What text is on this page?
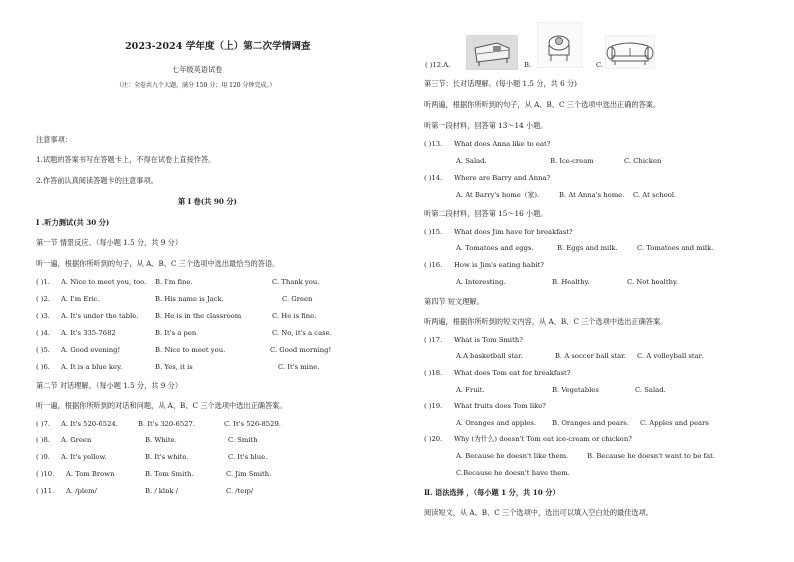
2023-2024 学年度（上）第二次学情调查
七年级英语试卷
（注：全卷共九个大题，满分 150 分；用 120 分钟完成。）
注意事项：
1.试题的答案书写在答题卡上，不得在试卷上直接作答。
2.作答前认真阅读答题卡的注意事项。
第 I 卷(共 90 分)
I .听力测试(共 30 分)
第一节 情景反应。（每小题 1.5 分，共 9 分）
听一遍，根据你所听到的句子，从 A、B、C 三个选项中选出最恰当的答语。
( )1. A. Nice to meet you, too. B. I'm fine.	C. Thank you.
( )2. A. I'm Eric.	B. His name is Jack.	C. Green
( )3. A. It's under the table. B. He is in the classroom	C. He is fine.
( )4. A. It's 335-7682	B. It's a pen	C. No, it's a case.
( )5. A. Good evening!	B. Nice to meet you.	C. Good morning!
( )6. A. It is a blue key.	B. Yes, it is	C. It's mine.
第二节 对话理解。（每小题 1.5 分，共 9 分）
听一遍，根据你所听到的对话和问题，从 A、B、C 三个选项中选出正确答案。
( )7. A. It's 520-6524.	B. It's 320-6527.	C. It's 526-8529.
( )8. A. Green	B. White.	C. Smith
( )9. A. It's yellow.	B. It's white.	C. It's blue.
( )10. A. Tom Brown	B. Tom Smith.	C. Jim Smith.
( )11. A. /plem/	B. / klɒk /	C. /teɪp/
( )12.A.	B.	C.
第三节：长对话理解。(每小题 1.5 分，共 6 分)
听两遍，根据你所听到的句子，从 A、B、C 三个选项中选出正确的答案。
听第一段材料，回答第 13～14 小题。
( )13. What does Anna like to eat?
A. Salad.	B. Ice-cream	C. Chicken
( )14. Where are Barry and Anna?
A. At Barry's home（家).	B. At Anna's home. C. At school.
听第二段材料，回答第 15～16 小题。
( )15. What does Jim have for breakfast?
A. Tomatoes and eggs.	B. Eggs and milk.	C. Tomatoes and milk.
( )16. How is Jim's eating habit?
A. Interesting.	B. Healthy.	C. Not healthy.
第四节 短文理解。
听两遍，根据你所听到的短文内容，从 A、B、C 三个选项中选出正确答案。
( )17. What is Tom Smith?
A.A basketball star.	B. A soccer ball star. C. A volleyball star.
( )18. What does Tom eat for breakfast?
A. Fruit.	B. Vegetables	C. Salad.
( )19. What fruits does Tom like?
A. Oranges and apples. B. Oranges and pears. C. Apples and pears
( )20. Why (为什么) doesn't Tom eat ice-cream or chicken?
A. Because he doesn't like them.	B. Because he doesn't want to be fat.
C.Because he doesn't have them.
Ⅱ. 语法选择 ，（每小题 1 分，共 10 分）
阅读短文，从 A、B、C 三个选项中，选出可以填入空白处的最佳选项。
